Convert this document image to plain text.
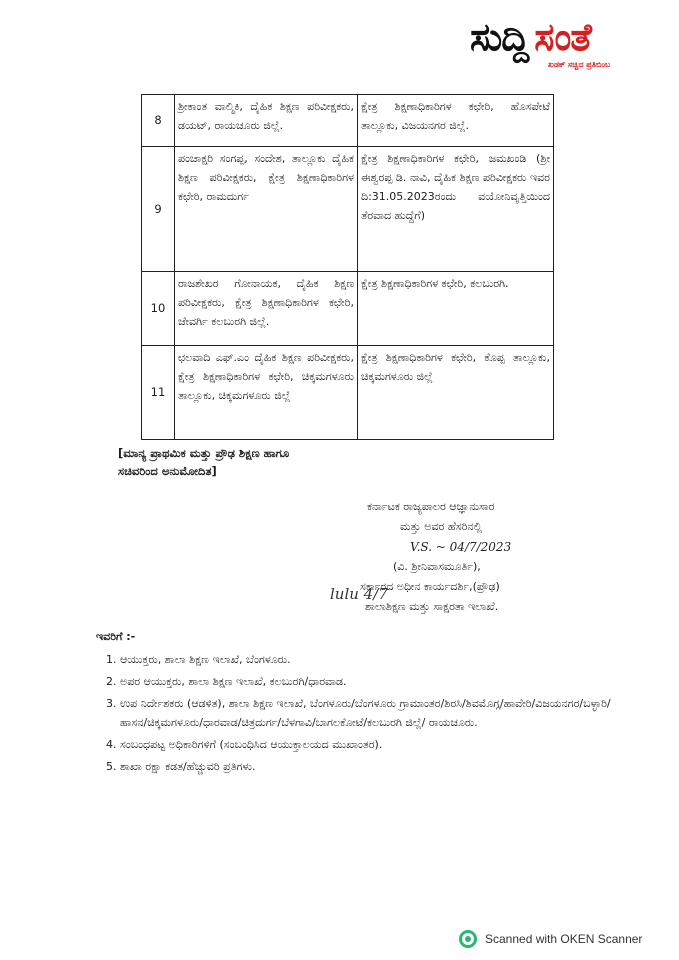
ಸುದ್ದಿ ಸಂತೆ
ಖಡಕ್ ಸಚ್ಚಿದ ಪ್ರತಿಬಿಂಬ
8	ಶ್ರೀಕಾಂತ ವಾಲ್ಮಿಕಿ, ದೈಹಿಕ ಶಿಕ್ಷಣ ಪರಿವೀಕ್ಷಕರು, ಡಯಟ್, ರಾಯಚೂರು ಜಿಲ್ಲೆ.	ಕ್ಷೇತ್ರ ಶಿಕ್ಷಣಾಧಿಕಾರಿಗಳ ಕಛೇರಿ, ಹೊಸಪೇಟೆ ತಾಲ್ಲೂಕು, ವಿಜಯನಗರ ಜಿಲ್ಲೆ.
9	ಪಂಚಾಕ್ಷರಿ ಸಂಗಪ್ಪ, ಸಂದೇಶ, ತಾಲ್ಲೂಕು ದೈಹಿಕ ಶಿಕ್ಷಣ ಪರಿವೀಕ್ಷಕರು, ಕ್ಷೇತ್ರ ಶಿಕ್ಷಣಾಧಿಕಾರಿಗಳ ಕಛೇರಿ, ರಾಮದುರ್ಗ	ಕ್ಷೇತ್ರ ಶಿಕ್ಷಣಾಧಿಕಾರಿಗಳ ಕಛೇರಿ, ಜಮಖಂಡಿ (ಶ್ರೀ ಈಶ್ವರಪ್ಪ ಡಿ. ನಾವಿ, ದೈಹಿಕ ಶಿಕ್ಷಣ ಪರಿವೀಕ್ಷಕರು ಇವರ ದಿ:31.05.2023ರಂದು ವಯೋನಿವೃತ್ತಿಯಿಂದ ತೆರವಾದ ಹುದ್ದೆಗೆ)
10	ರಾಜಶೇಖರ ಗೋನಾಯಕ, ದೈಹಿಕ ಶಿಕ್ಷಣ ಪರಿವೀಕ್ಷಕರು, ಕ್ಷೇತ್ರ ಶಿಕ್ಷಣಾಧಿಕಾರಿಗಳ ಕಛೇರಿ, ಜೇವರ್ಗಿ ಕಲಬುರಗಿ ಜಿಲ್ಲೆ.	ಕ್ಷೇತ್ರ ಶಿಕ್ಷಣಾಧಿಕಾರಿಗಳ ಕಛೇರಿ, ಕಲಬುರಗಿ.
11	ಛಲವಾದಿ ಎಫ್.ಎಂ ದೈಹಿಕ ಶಿಕ್ಷಣ ಪರಿವೀಕ್ಷಕರು, ಕ್ಷೇತ್ರ ಶಿಕ್ಷಣಾಧಿಕಾರಿಗಳ ಕಛೇರಿ, ಚಿಕ್ಕಮಗಳೂರು ತಾಲ್ಲೂಕು, ಚಿಕ್ಕಮಗಳೂರು ಜಿಲ್ಲೆ	ಕ್ಷೇತ್ರ ಶಿಕ್ಷಣಾಧಿಕಾರಿಗಳ ಕಛೇರಿ, ಕೊಪ್ಪ ತಾಲ್ಲೂಕು, ಚಿಕ್ಕಮಗಳೂರು ಜಿಲ್ಲೆ
[ಮಾನ್ಯ ಪ್ರಾಥಮಿಕ ಮತ್ತು ಪ್ರೌಢ ಶಿಕ್ಷಣ ಹಾಗೂ
ಸಚಿವರಿಂದ ಅನುಮೋದಿತ]
ಕರ್ನಾಟಕ ರಾಜ್ಯಪಾಲರ ಆಜ್ಞಾನುಸಾರ
ಮತ್ತು ಅವರ ಹೆಸರಿನಲ್ಲಿ
V.S. ~ 04/7/2023
(ವಿ. ಶ್ರೀನಿವಾಸಮೂರ್ತಿ),
ಸರ್ಕಾರದ ಅಧೀನ ಕಾರ್ಯದರ್ಶಿ,(ಪ್ರೌಢ)
ಶಾಲಾಶಿಕ್ಷಣ ಮತ್ತು ಸಾಕ್ಷರತಾ ಇಲಾಖೆ.
lulu 4/7
ಇವರಿಗೆ :-
1. ಆಯುಕ್ತರು, ಶಾಲಾ ಶಿಕ್ಷಣ ಇಲಾಖೆ, ಬೆಂಗಳೂರು.
2. ಅಪರ ಆಯುಕ್ತರು, ಶಾಲಾ ಶಿಕ್ಷಣ ಇಲಾಖೆ, ಕಲಬುರಗಿ/ಧಾರವಾಡ.
3. ಉಪ ನಿರ್ದೇಶಕರು (ಆಡಳಿತ), ಶಾಲಾ ಶಿಕ್ಷಣ ಇಲಾಖೆ, ಬೆಂಗಳೂರು/ಬೆಂಗಳೂರು ಗ್ರಾಮಾಂತರ/ಶಿರಸಿ/ಶಿವಮೊಗ್ಗ/ಹಾವೇರಿ/ವಿಜಯನಗರ/ಬಳ್ಳಾರಿ/ಹಾಸನ/ಚಿಕ್ಕಮಗಳೂರು/ಧಾರವಾಡ/ಚಿತ್ರದುರ್ಗ/ಬೆಳಗಾವಿ/ಬಾಗಲಕೋಟೆ/ಕಲಬುರಗಿ ಜಿಲ್ಲೆ/ ರಾಯಚೂರು.
4. ಸಂಬಂಧಪಟ್ಟ ಅಧಿಕಾರಿಗಳಿಗೆ (ಸಂಬಂಧಿಸಿದ ಆಯುಕ್ತಾಲಯದ ಮುಖಾಂತರ).
5. ಶಾಖಾ ರಕ್ಷಾ ಕಡತ/ಹೆಚ್ಚುವರಿ ಪ್ರತಿಗಳು.
Scanned with OKEN Scanner
